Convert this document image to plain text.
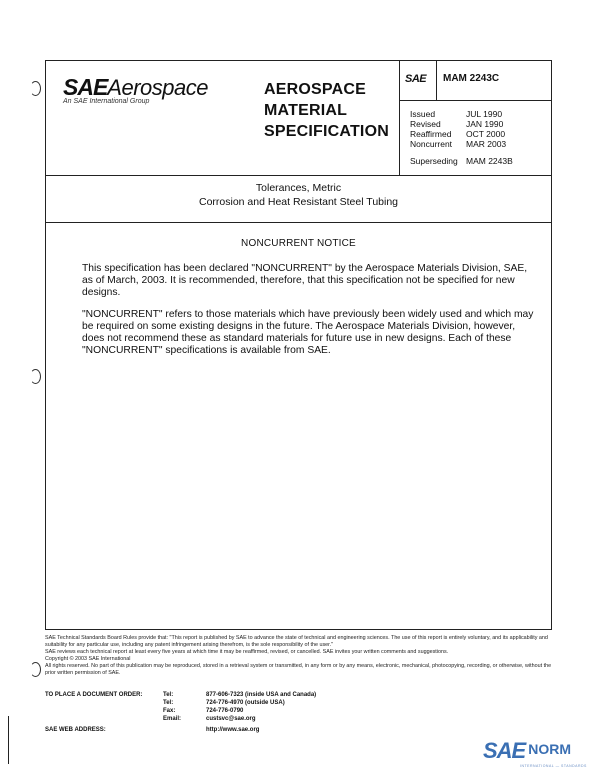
SAEAerospace
An SAE International Group
AEROSPACE
MATERIAL
SPECIFICATION
SAE MAM 2243C
Issued	JUL 1990
Revised	JAN 1990
Reaffirmed	OCT 2000
Noncurrent	MAR 2003
Superseding MAM 2243B
Tolerances, Metric
Corrosion and Heat Resistant Steel Tubing
NONCURRENT NOTICE

This specification has been declared "NONCURRENT" by the Aerospace Materials Division, SAE, as of March, 2003. It is recommended, therefore, that this specification not be specified for new designs.

"NONCURRENT" refers to those materials which have previously been widely used and which may be required on some existing designs in the future. The Aerospace Materials Division, however, does not recommend these as standard materials for future use in new designs. Each of these "NONCURRENT" specifications is available from SAE.

SAE Technical Standards Board Rules provide that: "This report is published by SAE to advance the state of technical and engineering sciences. The use of this report is entirely voluntary, and its applicability and suitability for any particular use, including any patent infringement arising therefrom, is the sole responsibility of the user."

SAE reviews each technical report at least every five years at which time it may be reaffirmed, revised, or cancelled. SAE invites your written comments and suggestions.

Copyright © 2003 SAE International

All rights reserved. No part of this publication may be reproduced, stored in a retrieval system or transmitted, in any form or by any means, electronic, mechanical, photocopying, recording, or otherwise, without the prior written permission of SAE.

TO PLACE A DOCUMENT ORDER:	Tel:	877-606-7323 (inside USA and Canada)
Tel:	724-776-4970 (outside USA)
Fax:	724-776-0790
Email:	custsvc@sae.org
SAE WEB ADDRESS:	http://www.sae.org
SAE NORM
INTERNATIONAL — STANDARDS
